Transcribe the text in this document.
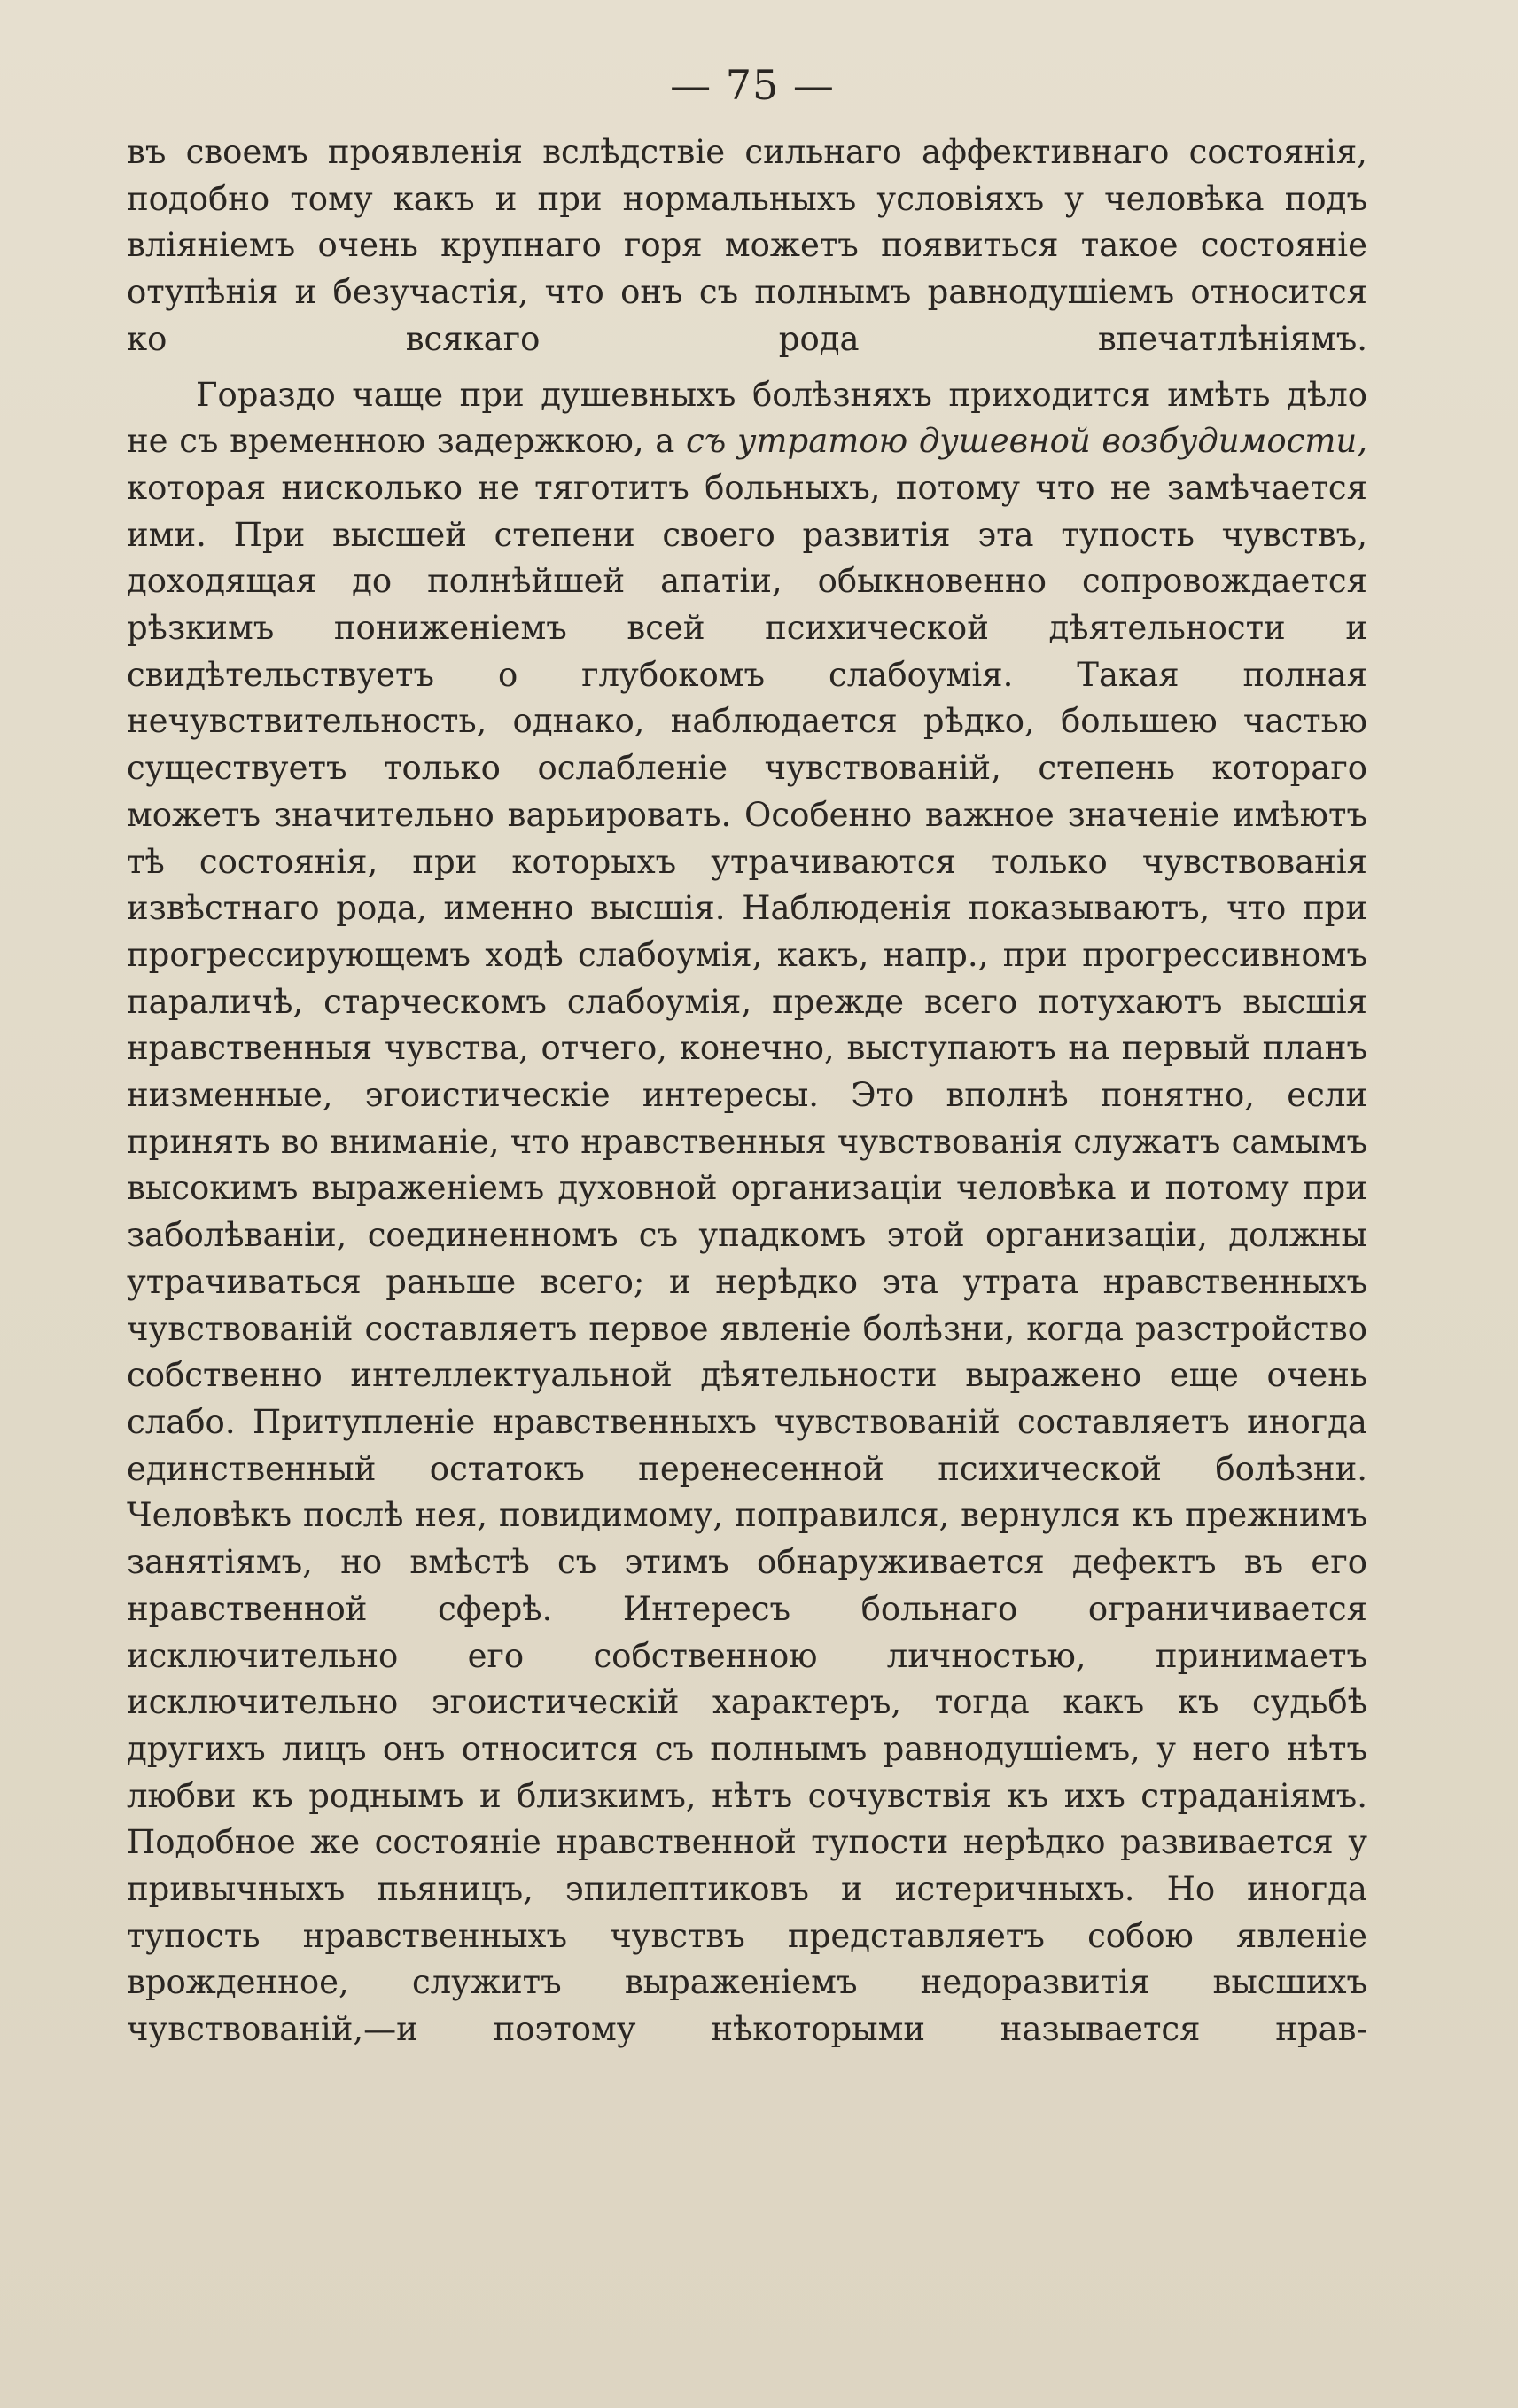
— 75 —

въ своемъ проявленія вслѣдствіе сильнаго аффективнаго состоянія, подобно тому какъ и при нормальныхъ условіяхъ у человѣка подъ вліяніемъ очень крупнаго горя можетъ появиться такое состояніе отупѣнія и безучастія, что онъ съ полнымъ равнодушіемъ относится ко всякаго рода впечатлѣніямъ.

Гораздо чаще при душевныхъ болѣзняхъ приходится имѣть дѣло не съ временною задержкою, а съ утратою душевной возбудимости, которая нисколько не тяготитъ больныхъ, потому что не замѣчается ими. При высшей степени своего развитія эта тупость чувствъ, доходящая до полнѣйшей апатіи, обыкновенно сопровождается рѣзкимъ пониженіемъ всей психической дѣятельности и свидѣтельствуетъ о глубокомъ слабоумія. Такая полная нечувствительность, однако, наблюдается рѣдко, большею частью существуетъ только ослабленіе чувствованій, степень котораго можетъ значительно варьировать. Особенно важное значеніе имѣютъ тѣ состоянія, при которыхъ утрачиваются только чувствованія извѣстнаго рода, именно высшія. Наблюденія показываютъ, что при прогрессирующемъ ходѣ слабоумія, какъ, напр., при прогрессивномъ параличѣ, старческомъ слабоумія, прежде всего потухаютъ высшія нравственныя чувства, отчего, конечно, выступаютъ на первый планъ низменные, эгоистическіе интересы. Это вполнѣ понятно, если принять во вниманіе, что нравственныя чувствованія служатъ самымъ высокимъ выраженіемъ духовной организаціи человѣка и потому при заболѣваніи, соединенномъ съ упадкомъ этой организаціи, должны утрачиваться раньше всего; и нерѣдко эта утрата нравственныхъ чувствованій составляетъ первое явленіе болѣзни, когда разстройство собственно интеллектуальной дѣятельности выражено еще очень слабо. Притупленіе нравственныхъ чувствованій составляетъ иногда единственный остатокъ перенесенной психической болѣзни. Человѣкъ послѣ нея, повидимому, поправился, вернулся къ прежнимъ занятіямъ, но вмѣстѣ съ этимъ обнаруживается дефектъ въ его нравственной сферѣ. Интересъ больнаго ограничивается исключительно его собственною личностью, принимаетъ исключительно эгоистическій характеръ, тогда какъ къ судьбѣ другихъ лицъ онъ относится съ полнымъ равнодушіемъ, у него нѣтъ любви къ роднымъ и близкимъ, нѣтъ сочувствія къ ихъ страданіямъ. Подобное же состояніе нравственной тупости нерѣдко развивается у привычныхъ пьяницъ, эпилептиковъ и истеричныхъ. Но иногда тупость нравственныхъ чувствъ представляетъ собою явленіе врожденное, служитъ выраженіемъ недоразвитія высшихъ чувствованій,—и поэтому нѣкоторыми называется нрав-
